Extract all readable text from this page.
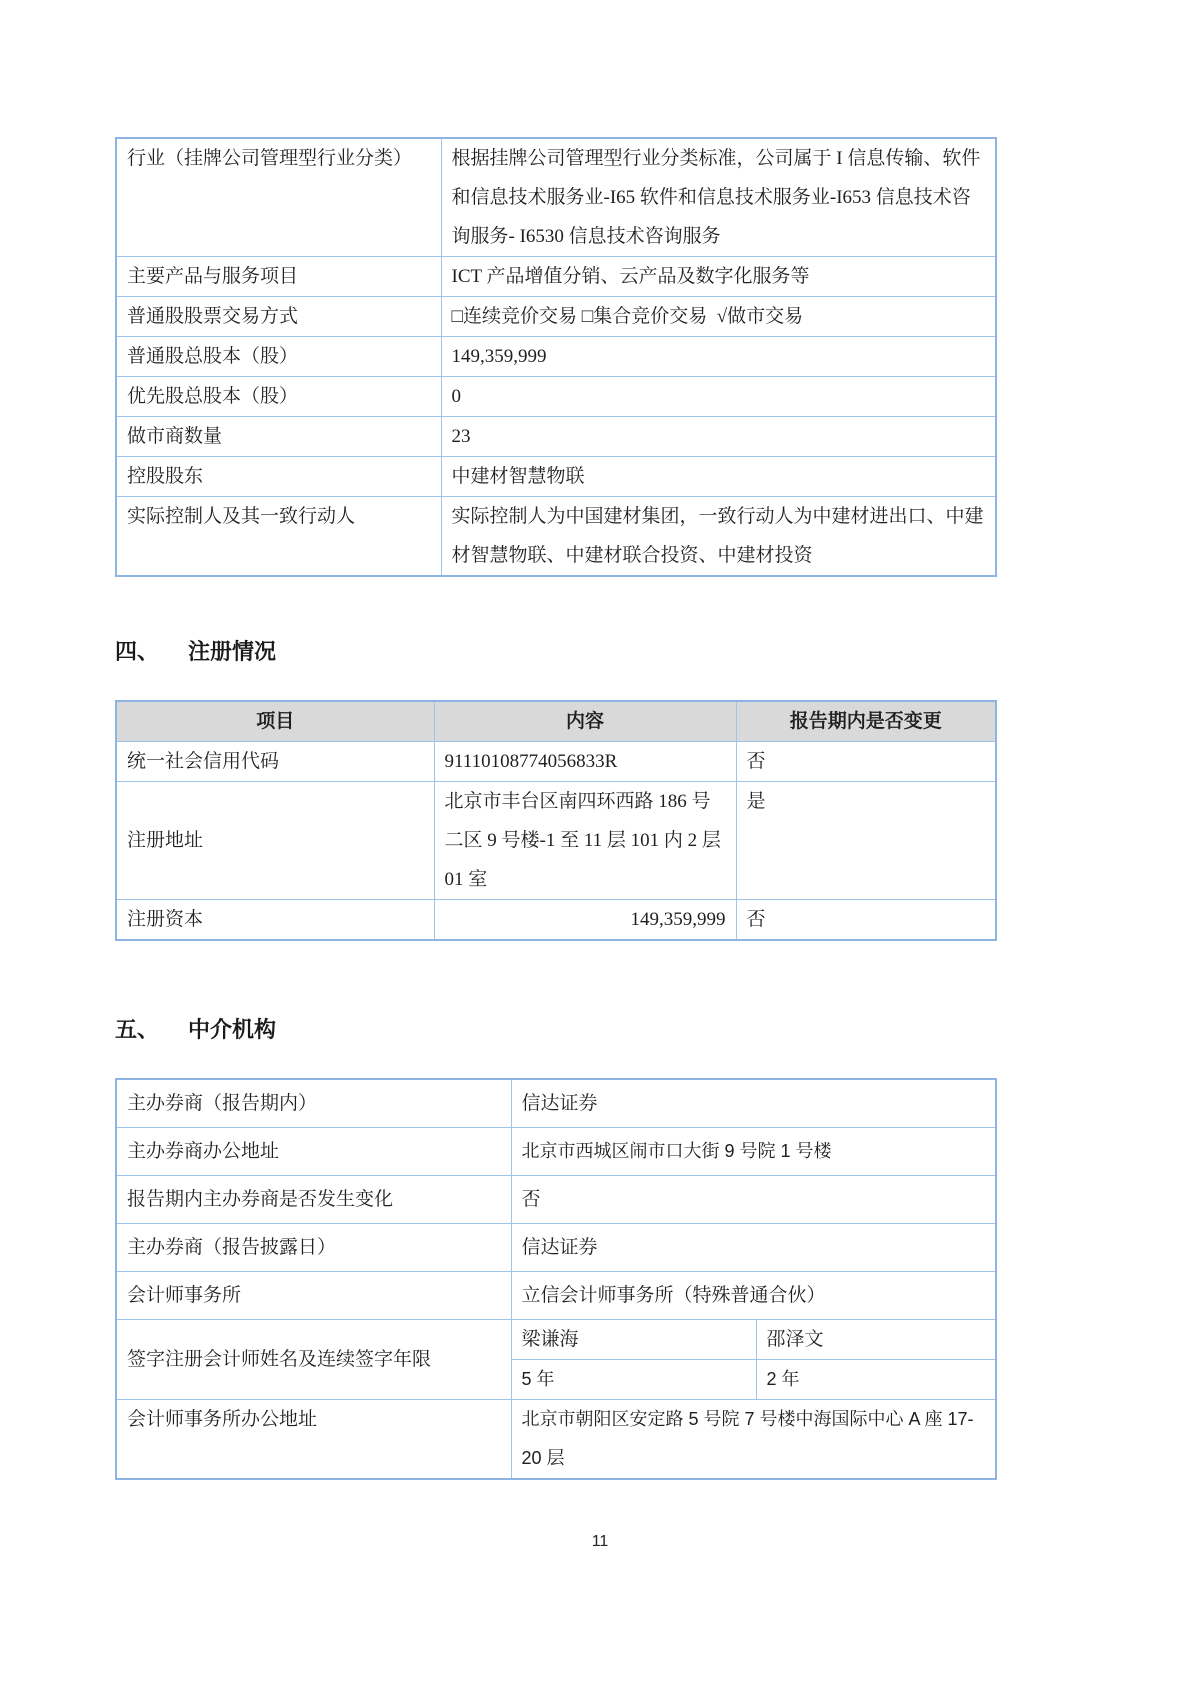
行业（挂牌公司管理型行业分类）	根据挂牌公司管理型行业分类标准，公司属于 I 信息传输、软件和信息技术服务业-I65 软件和信息技术服务业-I653 信息技术咨询服务- I6530 信息技术咨询服务
主要产品与服务项目	ICT 产品增值分销、云产品及数字化服务等
普通股股票交易方式	□连续竞价交易 □集合竞价交易  √做市交易
普通股总股本（股）	149,359,999
优先股总股本（股）	0
做市商数量	23
控股股东	中建材智慧物联
实际控制人及其一致行动人	实际控制人为中国建材集团，一致行动人为中建材进出口、中建材智慧物联、中建材联合投资、中建材投资
四、 注册情况
项目	内容	报告期内是否变更
统一社会信用代码	91110108774056833R	否
注册地址	北京市丰台区南四环西路 186 号二区 9 号楼-1 至 11 层 101 内 2 层 01 室	是
注册资本	149,359,999	否
五、 中介机构
主办券商（报告期内）	信达证券	
主办券商办公地址	北京市西城区闹市口大街 9 号院 1 号楼	
报告期内主办券商是否发生变化	否	
主办券商（报告披露日）	信达证券	
会计师事务所	立信会计师事务所（特殊普通合伙）	
签字注册会计师姓名及连续签字年限	梁谦海	邵泽文
	5 年	2 年
会计师事务所办公地址	北京市朝阳区安定路 5 号院 7 号楼中海国际中心 A 座 17-20 层	
11
